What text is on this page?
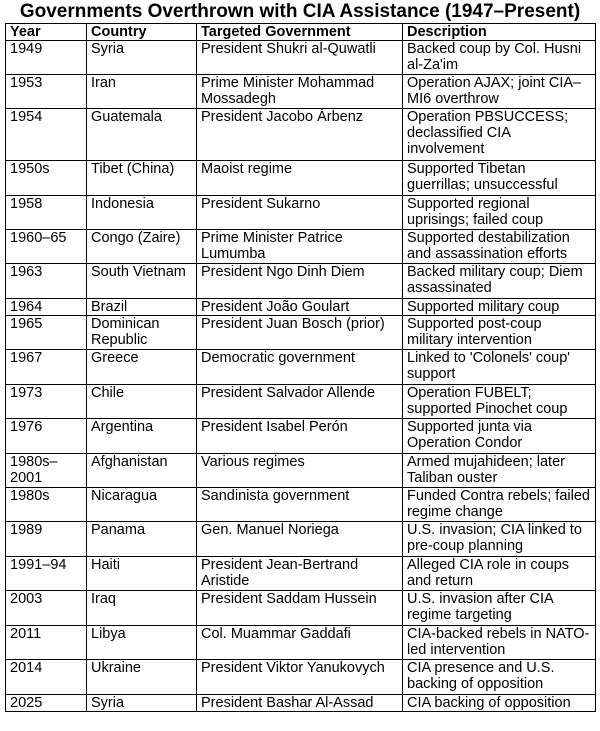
Governments Overthrown with CIA Assistance (1947–Present)
Year	Country	Targeted Government	Description
1949	Syria	President Shukri al-Quwatli	Backed coup by Col. Husni al-Za'im
1953	Iran	Prime Minister Mohammad Mossadegh	Operation AJAX; joint CIA–MI6 overthrow
1954	Guatemala	President Jacobo Árbenz	Operation PBSUCCESS; declassified CIA involvement
1950s	Tibet (China)	Maoist regime	Supported Tibetan guerrillas; unsuccessful
1958	Indonesia	President Sukarno	Supported regional uprisings; failed coup
1960–65	Congo (Zaire)	Prime Minister Patrice Lumumba	Supported destabilization and assassination efforts
1963	South Vietnam	President Ngo Dinh Diem	Backed military coup; Diem assassinated
1964	Brazil	President João Goulart	Supported military coup
1965	Dominican Republic	President Juan Bosch (prior)	Supported post-coup military intervention
1967	Greece	Democratic government	Linked to 'Colonels' coup' support
1973	Chile	President Salvador Allende	Operation FUBELT; supported Pinochet coup
1976	Argentina	President Isabel Perón	Supported junta via Operation Condor
1980s–2001	Afghanistan	Various regimes	Armed mujahideen; later Taliban ouster
1980s	Nicaragua	Sandinista government	Funded Contra rebels; failed regime change
1989	Panama	Gen. Manuel Noriega	U.S. invasion; CIA linked to pre-coup planning
1991–94	Haiti	President Jean-Bertrand Aristide	Alleged CIA role in coups and return
2003	Iraq	President Saddam Hussein	U.S. invasion after CIA regime targeting
2011	Libya	Col. Muammar Gaddafi	CIA-backed rebels in NATO-led intervention
2014	Ukraine	President Viktor Yanukovych	CIA presence and U.S. backing of opposition
2025	Syria	President Bashar Al-Assad	CIA backing of opposition
